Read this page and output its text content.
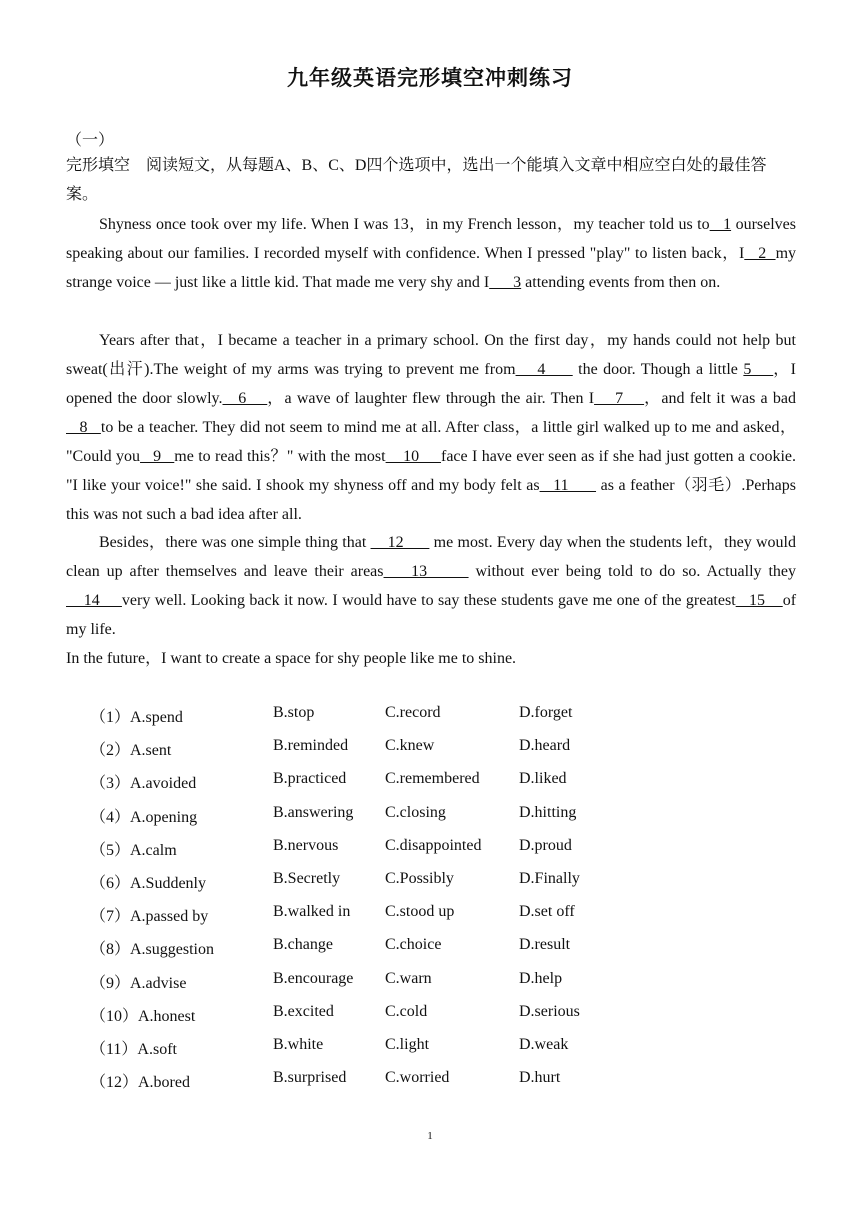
九年级英语完形填空冲刺练习
（一）
完形填空　阅读短文，从每题A、B、C、D四个选项中，选出一个能填入文章中相应空白处的最佳答案。
Shyness once took over my life. When I was 13，in my French lesson，my teacher told us to   1 ourselves speaking about our families. I recorded myself with confidence. When I pressed "play" to listen back，I   2  my strange voice — just like a little kid. That made me very shy and I      3 attending events from then on.
Years after that，I became a teacher in a primary school. On the first day，my hands could not help but sweat(出汗).The weight of my arms was trying to prevent me from    4      the door. Though a little 5    ，I opened the door slowly.   6    ，a wave of laughter flew through the air. Then I    7    ，and felt it was a bad   8   to be a teacher. They did not seem to mind me at all. After class，a little girl walked up to me and asked， "Could you   9   me to read this？" with the most    10     face I have ever seen as if she had just gotten a cookie. "I like your voice!" she said. I shook my shyness off and my body felt as   11       as a feather（羽毛）.Perhaps this was not such a bad idea after all.
Besides，there was one simple thing that     12       me most. Every day when the students left，they would clean up after themselves and leave their areas    13       without ever being told to do so. Actually they    14     very well. Looking back it now. I would have to say these students gave me one of the greatest   15    of my life.
In the future，I want to create a space for shy people like me to shine.
（1）A.spend	B.stop	C.record	D.forget
（2）A.sent	B.reminded C.knew	D.heard
（3）A.avoided	B.practiced C.remembered D.liked
（4）A.opening	B.answering C.closing	D.hitting
（5）A.calm	B.nervous	C.disappointed D.proud
（6）A.Suddenly	B.Secretly	C.Possibly	D.Finally
（7）A.passed by	B.walked in C.stood up	D.set off
（8）A.suggestion	B.change	C.choice	D.result
（9）A.advise	B.encourage C.warn	D.help
（10）A.honest	B.excited	C.cold	D.serious
（11）A.soft	B.white	C.light	D.weak
（12）A.bored	B.surprised C.worried	D.hurt
1
